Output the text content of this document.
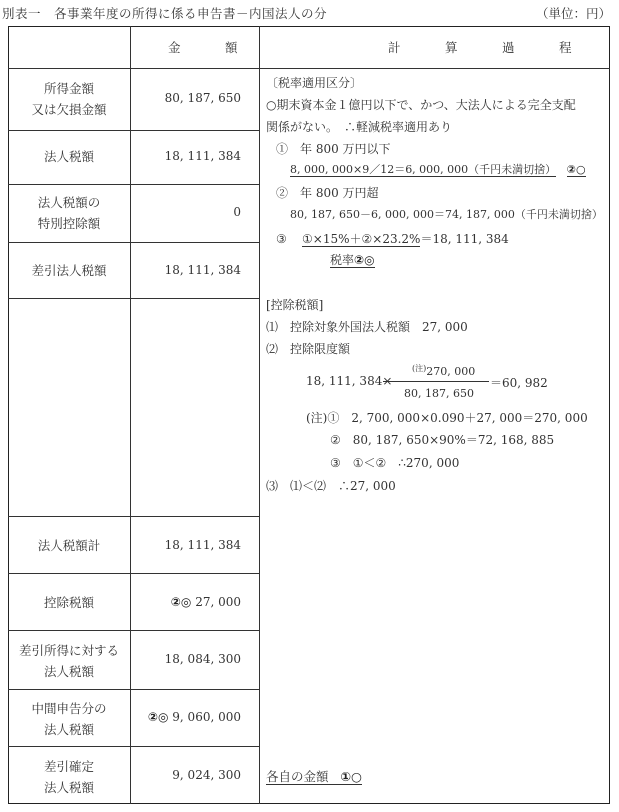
別表一　各事業年度の所得に係る申告書－内国法人の分	（単位：円）
金　額	計　算　過　程
所得金額
又は欠損金額
法人税額
法人税額の
特別控除額
差引法人税額
法人税額計
控除税額
差引所得に対する
法人税額
中間申告分の
法人税額
差引確定
法人税額
80, 187, 650
18, 111, 384
0
18, 111, 384
18, 111, 384
②◎ 27, 000
18, 084, 300
②◎ 9, 060, 000
9, 024, 300
〔税率適用区分〕
○期末資本金１億円以下で、かつ、大法人による完全支配
関係がない。　∴軽減税率適用あり
①　年 800 万円以下
8, 000, 000×9／12＝6, 000, 000（千円未満切捨） ②○
②　年 800 万円超
80, 187, 650－6, 000, 000＝74, 187, 000（千円未満切捨）
③ ①×15%＋②×23.2%＝18, 111, 384
税率②◎
[控除税額]
⑴　控除対象外国法人税額　27, 000
⑵　控除限度額
18, 111, 384×
$^{(注)}$270, 000
80, 187, 650
＝60, 982
(注)①　2, 700, 000×0.090＋27, 000＝270, 000
②　80, 187, 650×90%＝72, 168, 885
③　①＜②　∴270, 000
⑶　⑴＜⑵　∴27, 000
各自の金額 ①○
